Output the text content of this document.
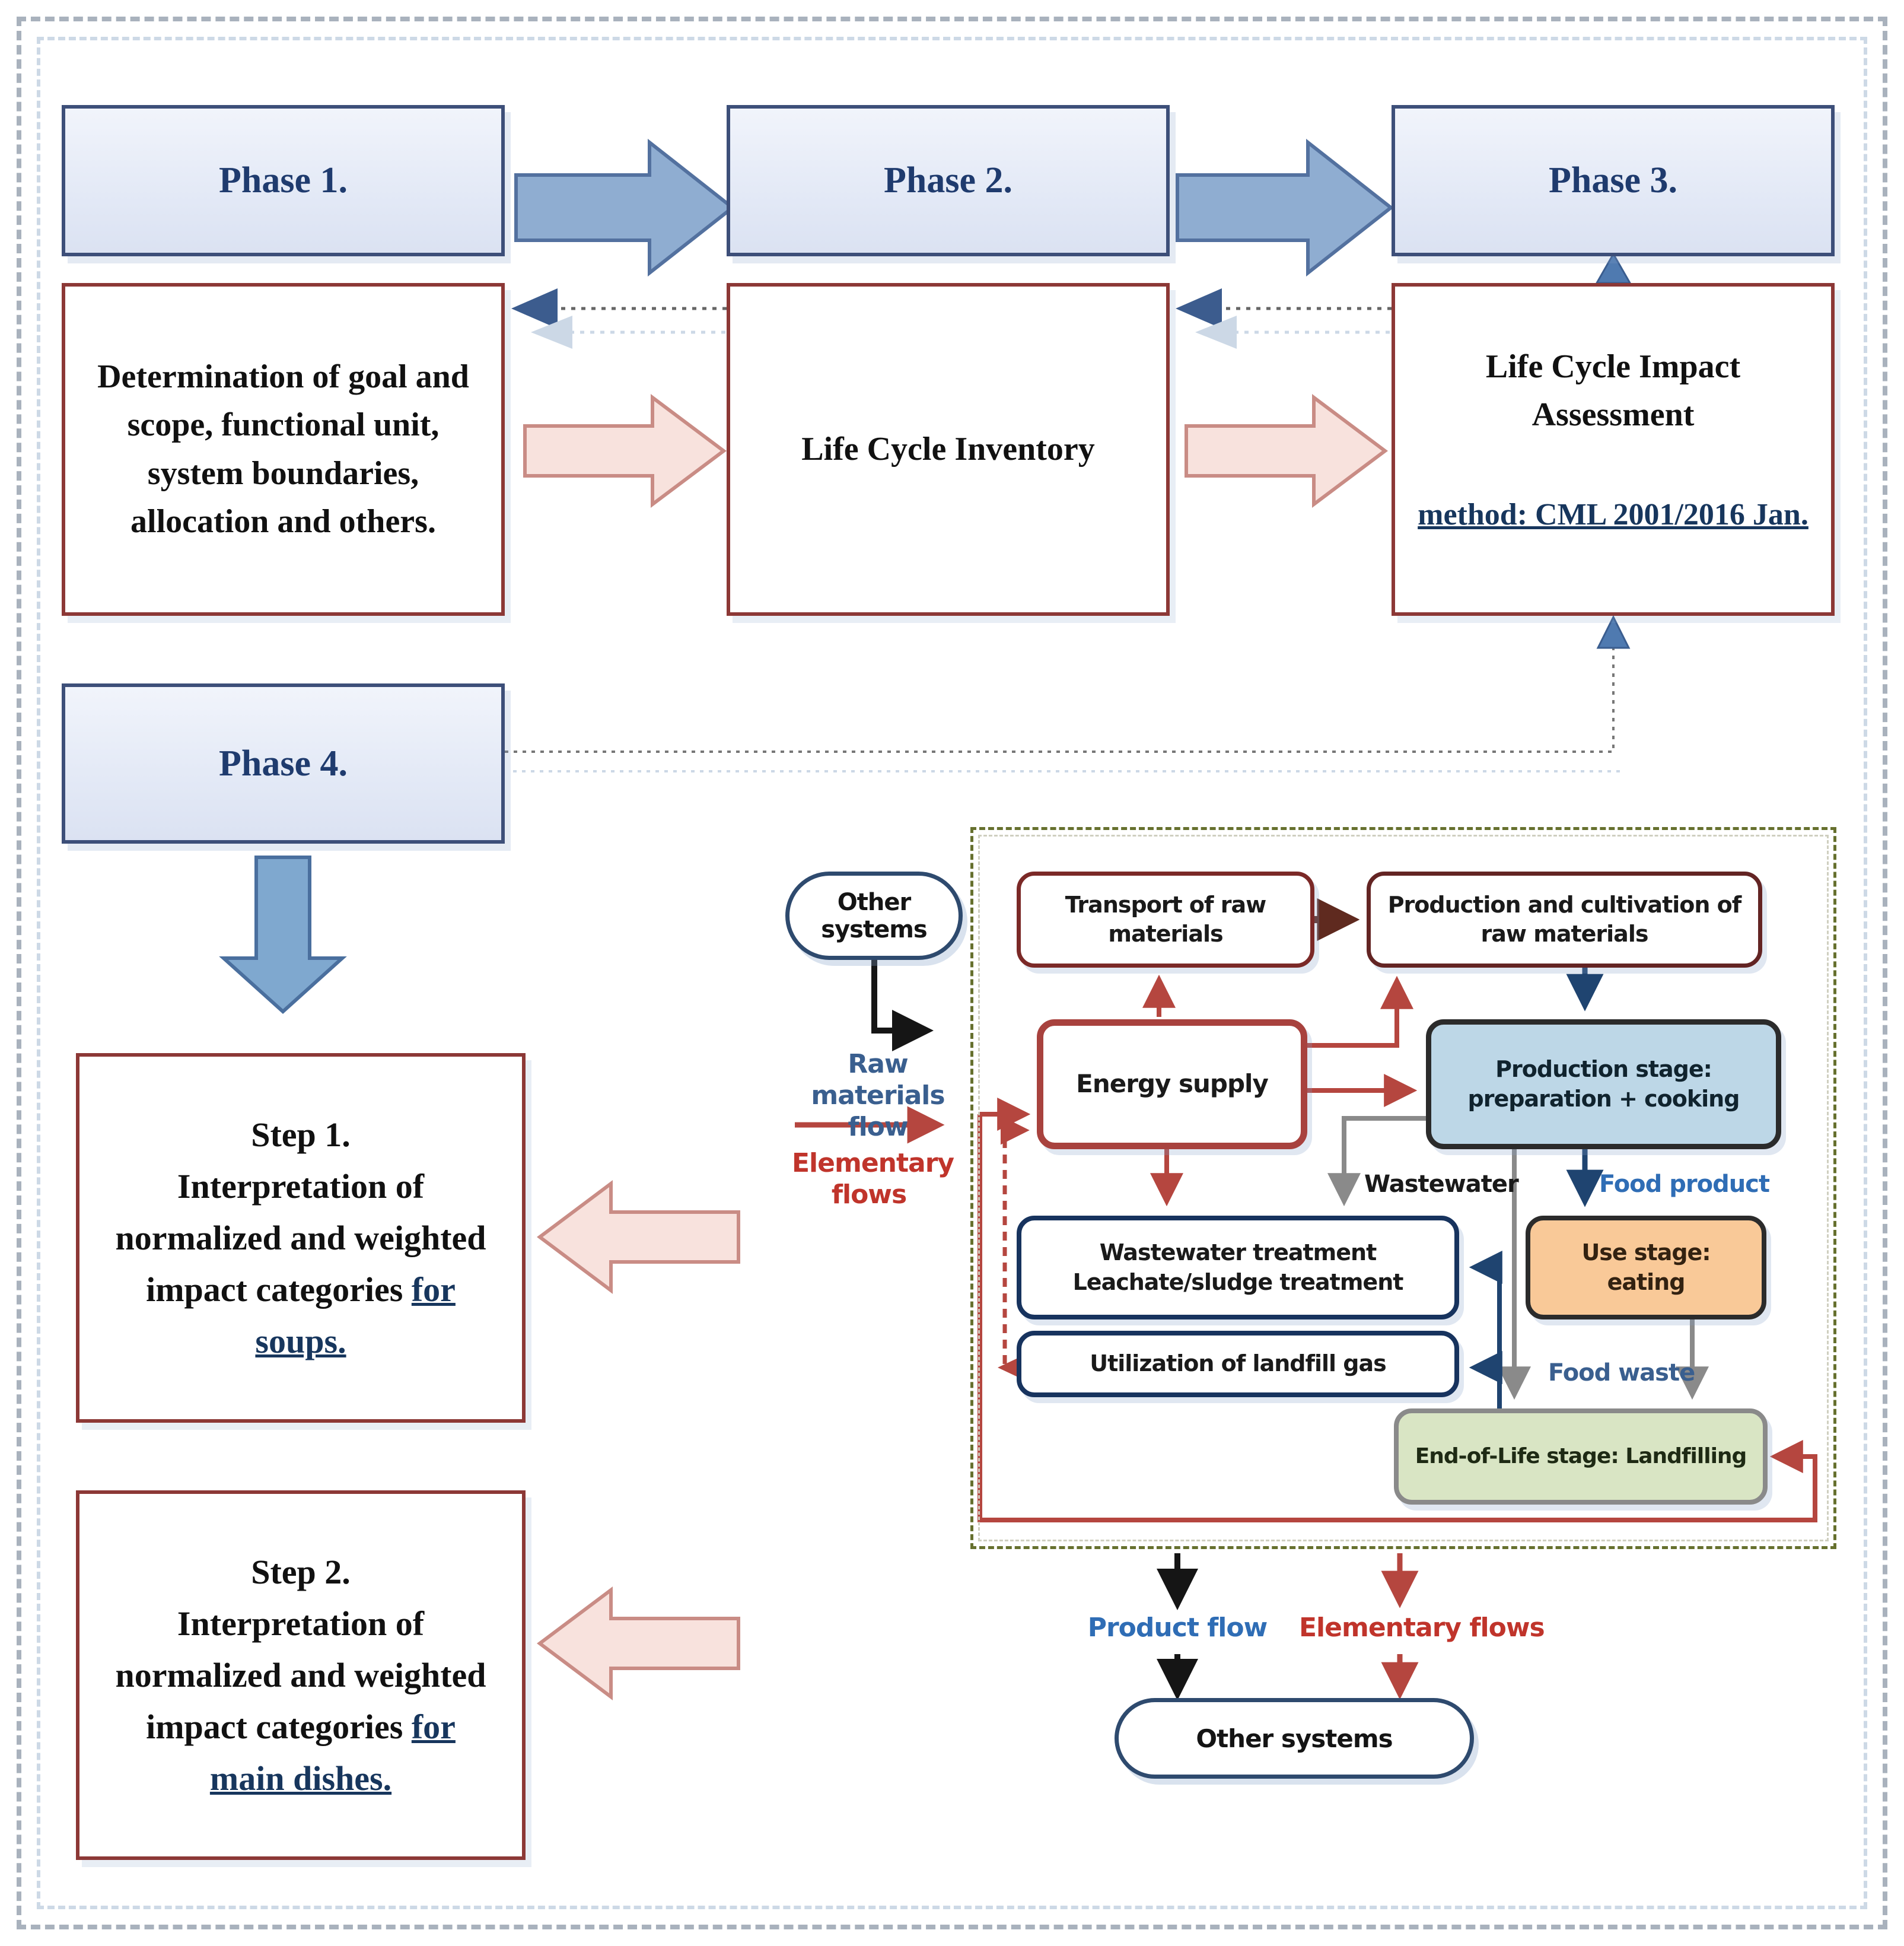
Phase 1.	Phase 2.	Phase 3.
Determination of goal and scope, functional unit, system boundaries, allocation and others.
Life Cycle Inventory
Life Cycle Impact Assessment
method: CML 2001/2016 Jan.
Phase 4.
Step 1.
Interpretation of normalized and weighted impact categories for soups.
Step 2.
Interpretation of normalized and weighted impact categories for main dishes.
Other systems
Raw materials flow
Elementary flows
Transport of raw materials
Production and cultivation of
raw materials
Energy supply
Production stage:
preparation + cooking
Wastewater treatment
Leachate/sludge treatment
Utilization of landfill gas
Use stage:
eating
End-of-Life stage: Landfilling
Wastewater	Food product
Food waste
Product flow	Elementary flows
Other systems
